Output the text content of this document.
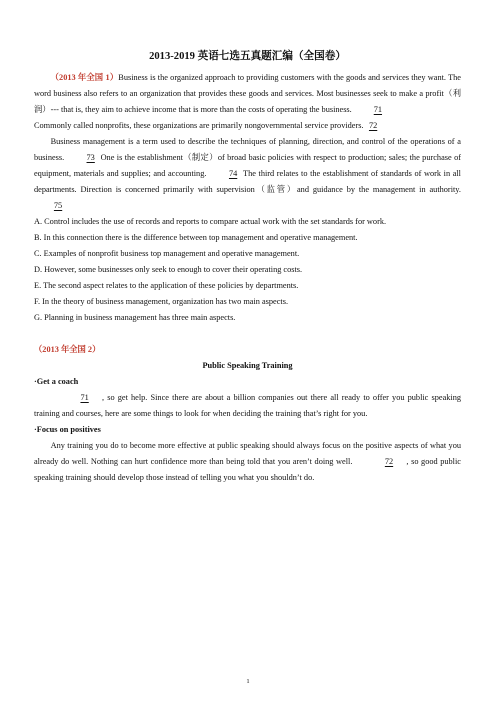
2013-2019 英语七选五真题汇编（全国卷）

（2013 年全国 1）Business is the organized approach to providing customers with the goods and services they want. The word business also refers to an organization that provides these goods and services. Most businesses seek to make a profit（利润）--- that is, they aim to achieve income that is more than the costs of operating the business.	71

Commonly called nonprofits, these organizations are primarily nongovernmental service providers. 72

Business management is a term used to describe the techniques of planning, direction, and control of the operations of a business.	73 One is the establishment（制定）of broad basic policies with respect to production; sales; the purchase of equipment, materials and supplies; and accounting.	74 The third relates to the establishment of standards of work in all departments. Direction is concerned primarily with supervision（监管）and guidance by the management in authority. 75

A. Control includes the use of records and reports to compare actual work with the set standards for work.

B. In this connection there is the difference between top management and operative management.

C. Examples of nonprofit business top management and operative management.

D. However, some businesses only seek to enough to cover their operating costs.

E. The second aspect relates to the application of these policies by departments.

F. In the theory of business management, organization has two main aspects.

G. Planning in business management has three main aspects.

（2013 年全国 2）

Public Speaking Training

·Get a coach

71 , so get help. Since there are about a billion companies out there all ready to offer you public speaking training and courses, here are some things to look for when deciding the training that’s right for you.

·Focus on positives

Any training you do to become more effective at public speaking should always focus on the positive aspects of what you already do well. Nothing can hurt confidence more than being told that you aren’t doing well.	72 , so good public speaking training should develop those instead of telling you what you shouldn’t do.

1
